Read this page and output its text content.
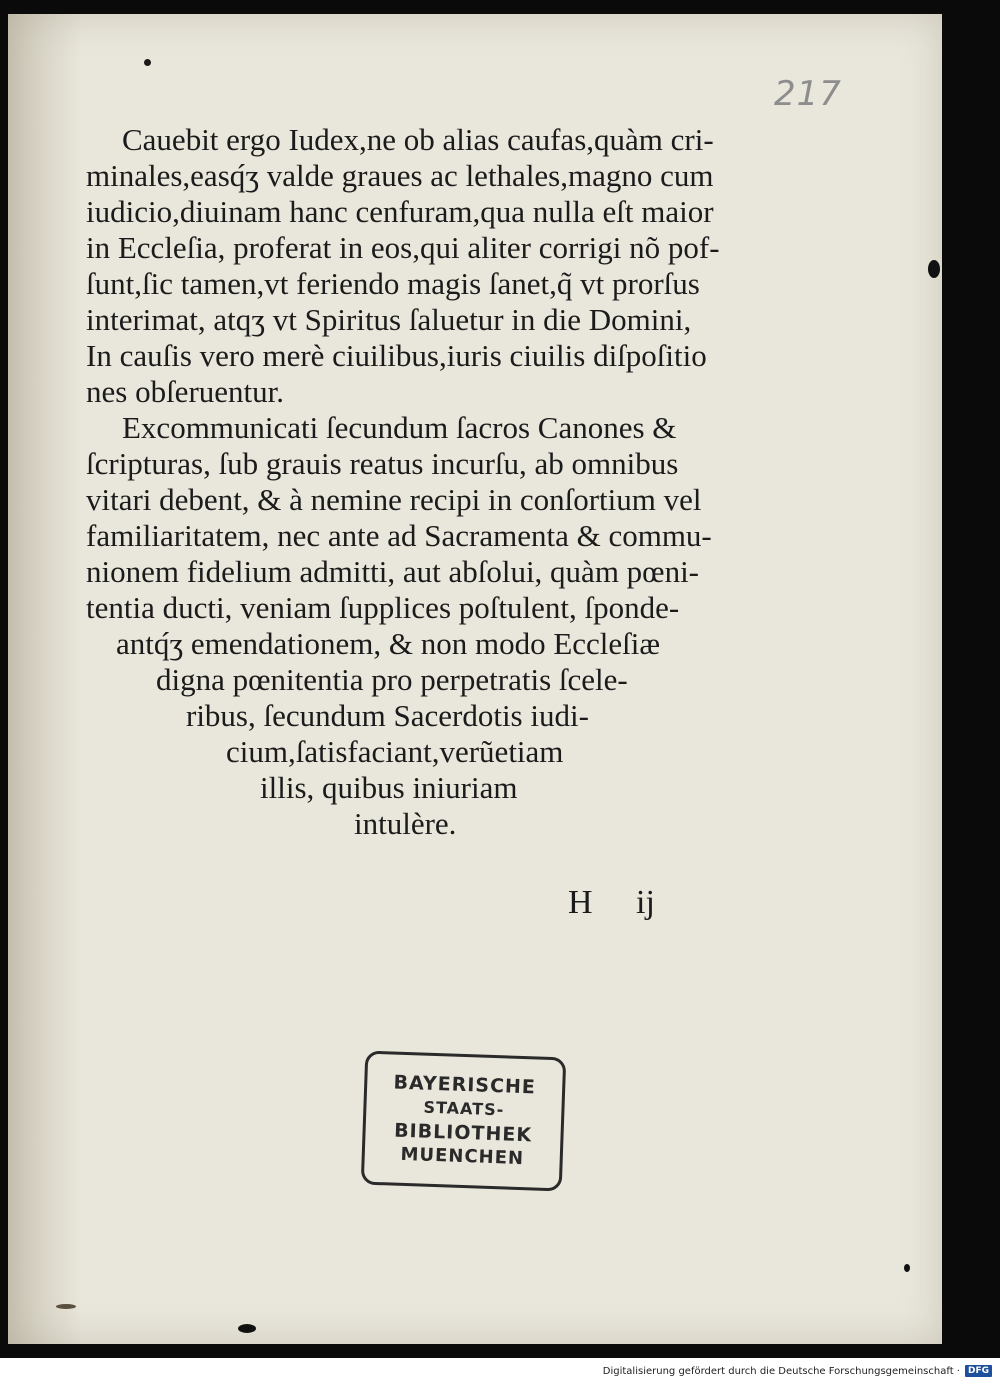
217
Cauebit ergo Iudex,ne ob alias caufas,quàm cri-
minales,easq́ʒ valde graues ac lethales,magno cum
iudicio,diuinam hanc cenfuram,qua nulla eſt maior
in Eccleſia, proferat in eos,qui aliter corrigi nõ pof-
ſunt,ſic tamen,vt feriendo magis ſanet,q̃ vt prorſus
interimat, atqʒ vt Spiritus ſaluetur in die Domini,
In cauſis vero merè ciuilibus,iuris ciuilis diſpoſitio
nes obſeruentur.
Excommunicati ſecundum ſacros Canones &
ſcripturas, ſub grauis reatus incurſu, ab omnibus
vitari debent, & à nemine recipi in conſortium vel
familiaritatem, nec ante ad Sacramenta & commu-
nionem fidelium admitti, aut abſolui, quàm pœni-
tentia ducti, veniam ſupplices poſtulent, ſponde-
antq́ʒ emendationem, & non modo Eccleſiæ
digna pœnitentia pro perpetratis ſcele-
ribus, ſecundum Sacerdotis iudi-
cium,ſatisfaciant,verũetiam
illis, quibus iniuriam
intulère.
H ij
BAYERISCHE
STAATS-
BIBLIOTHEK
MUENCHEN
Digitalisierung gefördert durch die Deutsche Forschungsgemeinschaft · DFG
